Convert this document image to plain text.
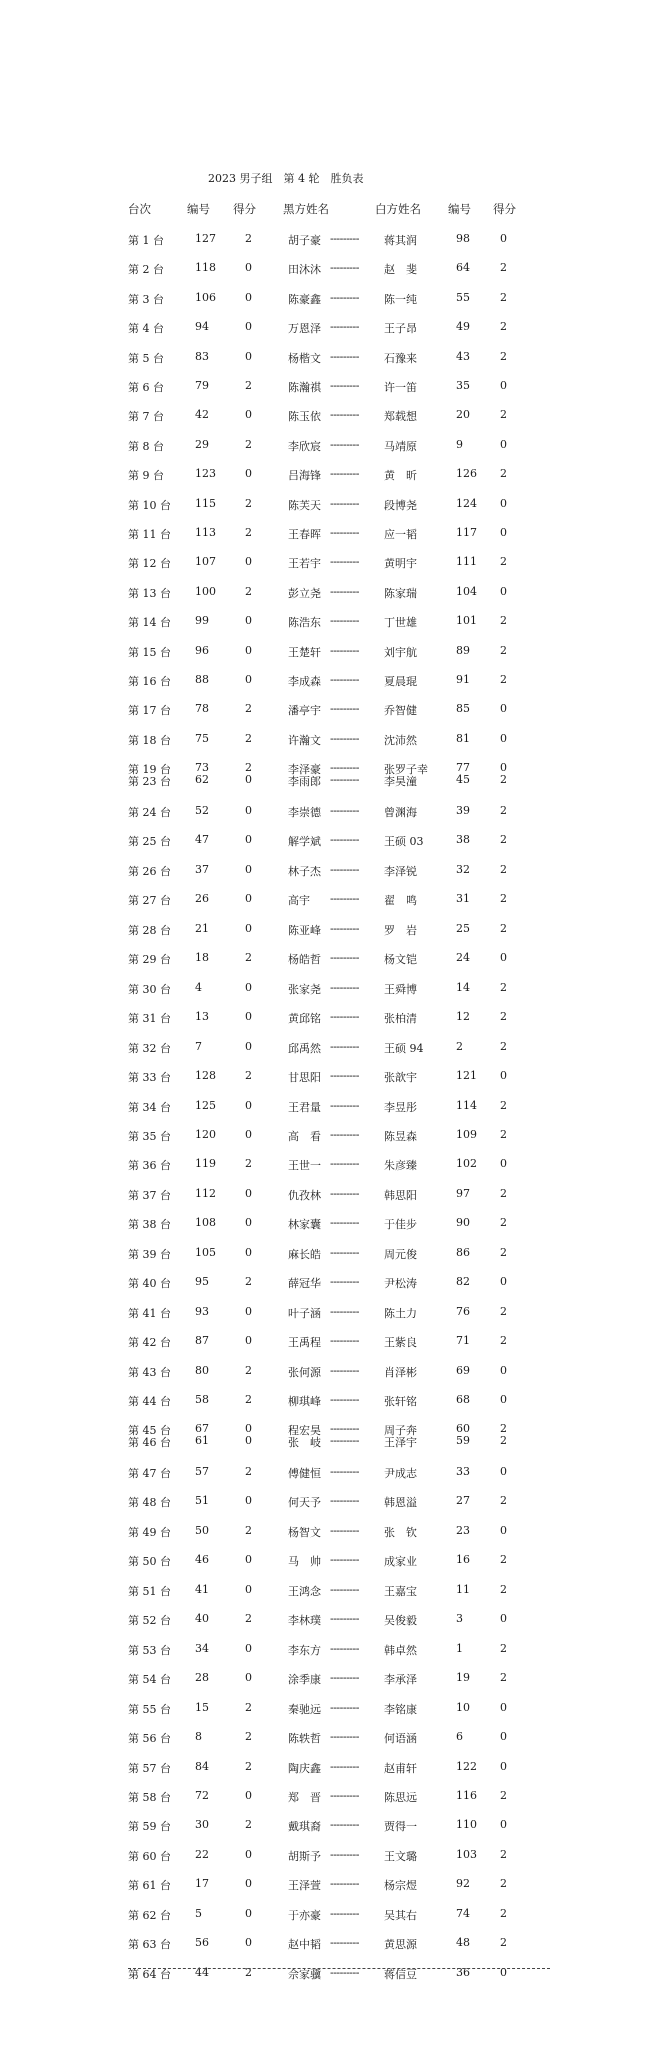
2023 男子组　第 4 轮　胜负表
台次	编号 得分 黑方姓名	白方姓名 编号 得分
第 1 台	127	2	胡子豪 --------- 蒋其润	98	0
第 2 台	118	0	田沐沐 --------- 赵　斐	64	2
第 3 台	106	0	陈豪鑫 --------- 陈一纯	55	2
第 4 台	94	0	万恩泽 --------- 王子昂	49	2
第 5 台	83	0	杨楷文 --------- 石豫来	43	2
第 6 台	79	2	陈瀚祺 --------- 许一笛	35	0
第 7 台	42	0	陈玉依 --------- 郑载想	20	2
第 8 台	29	2	李欣宸 --------- 马靖原	9	0
第 9 台	123	0	吕海锋 --------- 黄　昕	126 2
第 10 台 115	2	陈芙天 --------- 段博尧	124 0
第 11 台 113	2	王春晖 --------- 应一韬	117 0
第 12 台 107	0	王若宇 --------- 黄明宇	111 2
第 13 台 100	2	彭立尧 --------- 陈家瑞	104 0
第 14 台 99	0	陈浩东 --------- 丁世雄	101 2
第 15 台 96	0	王楚轩 --------- 刘宇航	89	2
第 16 台 88	0	李成森 --------- 夏晨琨	91	2
第 17 台 78	2	潘亭宇 --------- 乔智健	85	0
第 18 台 75	2	许瀚文 --------- 沈沛然	81	0
第 19 台 73	2	李泽豪 --------- 张罗子幸	77	0
第 23 台 62	0	李雨郎 --------- 李昊潼	45	2
第 24 台 52	0	李崇德 --------- 曾渊海	39	2
第 25 台 47	0	解学斌 --------- 王硕 03	38	2
第 26 台 37	0	林子杰 --------- 李泽锐	32	2
第 27 台 26	0	高宇 --------- 翟　鸣	31	2
第 28 台 21	0	陈亚峰 --------- 罗　岩	25	2
第 29 台 18	2	杨皓哲 --------- 杨文铠	24	0
第 30 台 4	0	张家尧 --------- 王舜博	14	2
第 31 台 13	0	黄邱铭 --------- 张柏清	12	2
第 32 台 7	0	邱禹然 --------- 王硕 94	2	2
第 33 台 128	2	甘思阳 --------- 张歆宇	121 0
第 34 台 125	0	王君量 --------- 李昱彤	114 2
第 35 台 120	0	高　看 --------- 陈昱森	109 2
第 36 台 119	2	王世一 --------- 朱彦臻	102 0
第 37 台 112	0	仇孜林 --------- 韩思阳	97	2
第 38 台 108	0	林家囊 --------- 于佳步	90	2
第 39 台 105	0	麻长皓 --------- 周元俊	86	2
第 40 台 95	2	薛冠华 --------- 尹松涛	82	0
第 41 台 93	0	叶子涵 --------- 陈土力	76	2
第 42 台 87	0	王禹程 --------- 王紫良	71	2
第 43 台 80	2	张何源 --------- 肖泽彬	69	0
第 44 台 58	2	柳琪峰 --------- 张轩铭	68	0
第 45 台 67	0	程宏昊 --------- 周子奔	60	2
第 46 台 61	0	张　岐 --------- 王泽宇	59	2
第 47 台 57	2	傅健恒 --------- 尹成志	33	0
第 48 台 51	0	何天予 --------- 韩恩溢	27	2
第 49 台 50	2	杨智文 --------- 张　钦	23	0
第 50 台 46	0	马　帅 --------- 成家业	16	2
第 51 台 41	0	王鸿念 --------- 王嘉宝	11	2
第 52 台 40	2	李林璞 --------- 吴俊毅	3	0
第 53 台 34	0	李东方 --------- 韩卓然	1	2
第 54 台 28	0	涂季康 --------- 李承泽	19	2
第 55 台 15	2	秦驰远 --------- 李铭康	10	0
第 56 台 8	2	陈轶哲 --------- 何语涵	6	0
第 57 台 84	2	陶庆鑫 --------- 赵甫轩	122 0
第 58 台 72	0	郑　晋 --------- 陈思远	116 2
第 59 台 30	2	戴琪裔 --------- 贾得一	110 0
第 60 台 22	0	胡斯予 --------- 王文璐	103 2
第 61 台 17	0	王泽萱 --------- 杨宗煜	92	2
第 62 台 5	0	于亦豪 --------- 吴其右	74	2
第 63 台 56	0	赵中韬 --------- 黄思源	48	2
第 64 台 44	2	佘家骥 --------- 蒋信豆	36	0
